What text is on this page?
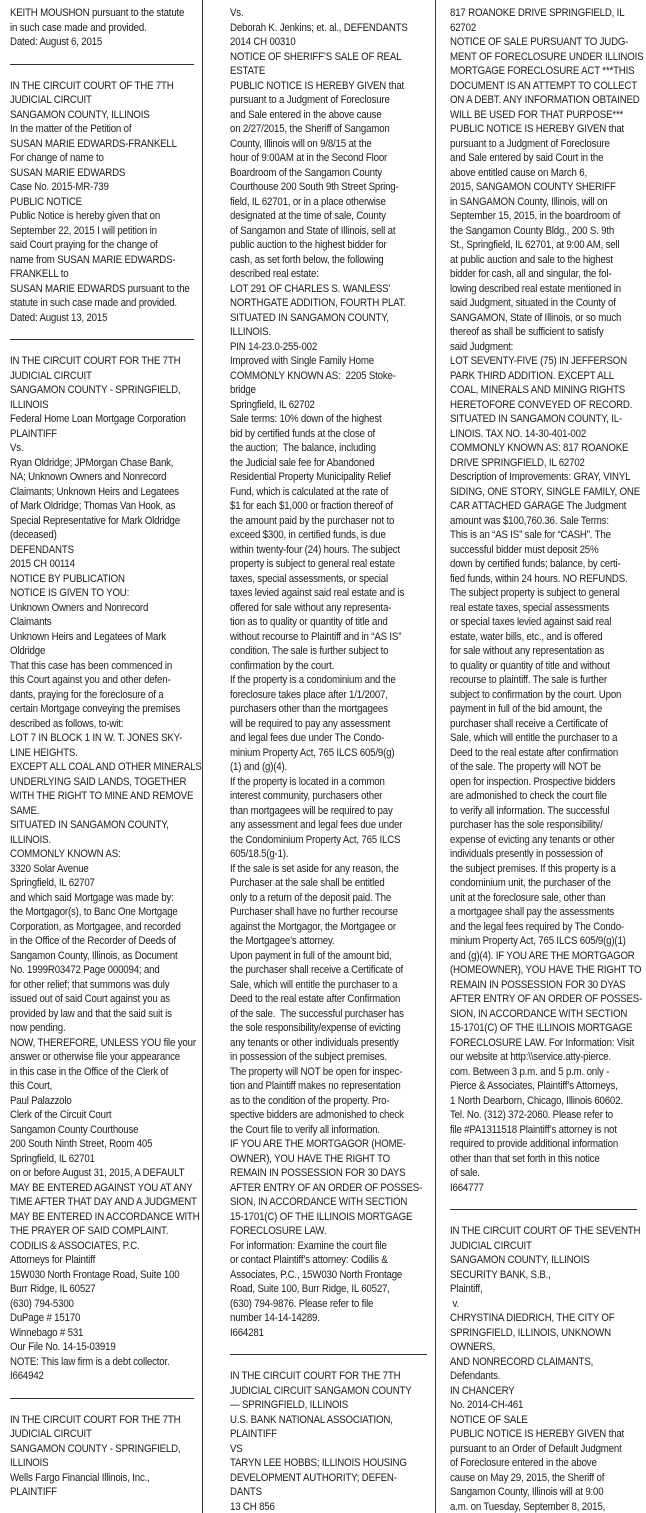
KEITH MOUSHON pursuant to the statute
in such case made and provided.
Dated: August 6, 2015
IN THE CIRCUIT COURT OF THE 7TH
JUDICIAL CIRCUIT
SANGAMON COUNTY, ILLINOIS
In the matter of the Petition of
SUSAN MARIE EDWARDS-FRANKELL
For change of name to
SUSAN MARIE EDWARDS
Case No. 2015-MR-739
PUBLIC NOTICE
Public Notice is hereby given that on
September 22, 2015 I will petition in
said Court praying for the change of
name from SUSAN MARIE EDWARDS-
FRANKELL to
SUSAN MARIE EDWARDS pursuant to the
statute in such case made and provided.
Dated: August 13, 2015
IN THE CIRCUIT COURT FOR THE 7TH
JUDICIAL CIRCUIT
SANGAMON COUNTY - SPRINGFIELD,
ILLINOIS
Federal Home Loan Mortgage Corporation
PLAINTIFF
Vs.
Ryan Oldridge; JPMorgan Chase Bank,
NA; Unknown Owners and Nonrecord
Claimants; Unknown Heirs and Legatees
of Mark Oldridge; Thomas Van Hook, as
Special Representative for Mark Oldridge
(deceased)
DEFENDANTS
2015 CH 00114
NOTICE BY PUBLICATION
NOTICE IS GIVEN TO YOU:
Unknown Owners and Nonrecord
Claimants
Unknown Heirs and Legatees of Mark
Oldridge
That this case has been commenced in
this Court against you and other defen-
dants, praying for the foreclosure of a
certain Mortgage conveying the premises
described as follows, to-wit:
LOT 7 IN BLOCK 1 IN W. T. JONES SKY-
LINE HEIGHTS.
EXCEPT ALL COAL AND OTHER MINERALS
UNDERLYING SAID LANDS, TOGETHER
WITH THE RIGHT TO MINE AND REMOVE
SAME.
SITUATED IN SANGAMON COUNTY,
ILLINOIS.
COMMONLY KNOWN AS:
3320 Solar Avenue
Springfield, IL 62707
and which said Mortgage was made by:
the Mortgagor(s), to Banc One Mortgage
Corporation, as Mortgagee, and recorded
in the Office of the Recorder of Deeds of
Sangamon County, Illinois, as Document
No. 1999R03472 Page 000094; and
for other relief; that summons was duly
issued out of said Court against you as
provided by law and that the said suit is
now pending.
NOW, THEREFORE, UNLESS YOU file your
answer or otherwise file your appearance
in this case in the Office of the Clerk of
this Court,
Paul Palazzolo
Clerk of the Circuit Court
Sangamon County Courthouse
200 South Ninth Street, Room 405
Springfield, IL 62701
on or before August 31, 2015, A DEFAULT
MAY BE ENTERED AGAINST YOU AT ANY
TIME AFTER THAT DAY AND A JUDGMENT
MAY BE ENTERED IN ACCORDANCE WITH
THE PRAYER OF SAID COMPLAINT.
CODILIS & ASSOCIATES, P.C.
Attorneys for Plaintiff
15W030 North Frontage Road, Suite 100
Burr Ridge, IL 60527
(630) 794-5300
DuPage # 15170
Winnebago # 531
Our File No. 14-15-03919
NOTE: This law firm is a debt collector.
I664942
IN THE CIRCUIT COURT FOR THE 7TH
JUDICIAL CIRCUIT
SANGAMON COUNTY - SPRINGFIELD,
ILLINOIS
Wells Fargo Financial Illinois, Inc.,
PLAINTIFF
Vs.
Deborah K. Jenkins; et. al., DEFENDANTS
2014 CH 00310
NOTICE OF SHERIFF’S SALE OF REAL
ESTATE
PUBLIC NOTICE IS HEREBY GIVEN that
pursuant to a Judgment of Foreclosure
and Sale entered in the above cause
on 2/27/2015, the Sheriff of Sangamon
County, Illinois will on 9/8/15 at the
hour of 9:00AM at in the Second Floor
Boardroom of the Sangamon County
Courthouse 200 South 9th Street Spring-
field, IL 62701, or in a place otherwise
designated at the time of sale, County
of Sangamon and State of Illinois, sell at
public auction to the highest bidder for
cash, as set forth below, the following
described real estate:
LOT 291 OF CHARLES S. WANLESS’
NORTHGATE ADDITION, FOURTH PLAT.
SITUATED IN SANGAMON COUNTY,
ILLINOIS.
PIN 14-23.0-255-002
Improved with Single Family Home
COMMONLY KNOWN AS:  2205 Stoke-
bridge
Springfield, IL 62702
Sale terms: 10% down of the highest
bid by certified funds at the close of
the auction;  The balance, including
the Judicial sale fee for Abandoned
Residential Property Municipality Relief
Fund, which is calculated at the rate of
$1 for each $1,000 or fraction thereof of
the amount paid by the purchaser not to
exceed $300, in certified funds, is due
within twenty-four (24) hours. The subject
property is subject to general real estate
taxes, special assessments, or special
taxes levied against said real estate and is
offered for sale without any representa-
tion as to quality or quantity of title and
without recourse to Plaintiff and in “AS IS”
condition. The sale is further subject to
confirmation by the court.
If the property is a condominium and the
foreclosure takes place after 1/1/2007,
purchasers other than the mortgagees
will be required to pay any assessment
and legal fees due under The Condo-
minium Property Act, 765 ILCS 605/9(g)
(1) and (g)(4).
If the property is located in a common
interest community, purchasers other
than mortgagees will be required to pay
any assessment and legal fees due under
the Condominium Property Act, 765 ILCS
605/18.5(g-1).
If the sale is set aside for any reason, the
Purchaser at the sale shall be entitled
only to a return of the deposit paid. The
Purchaser shall have no further recourse
against the Mortgagor, the Mortgagee or
the Mortgagee’s attorney.
Upon payment in full of the amount bid,
the purchaser shall receive a Certificate of
Sale, which will entitle the purchaser to a
Deed to the real estate after Confirmation
of the sale.  The successful purchaser has
the sole responsibility/expense of evicting
any tenants or other individuals presently
in possession of the subject premises.
The property will NOT be open for inspec-
tion and Plaintiff makes no representation
as to the condition of the property. Pro-
spective bidders are admonished to check
the Court file to verify all information.
IF YOU ARE THE MORTGAGOR (HOME-
OWNER), YOU HAVE THE RIGHT TO
REMAIN IN POSSESSION FOR 30 DAYS
AFTER ENTRY OF AN ORDER OF POSSES-
SION, IN ACCORDANCE WITH SECTION
15-1701(C) OF THE ILLINOIS MORTGAGE
FORECLOSURE LAW.
For information: Examine the court file
or contact Plaintiff’s attorney: Codilis &
Associates, P.C., 15W030 North Frontage
Road, Suite 100, Burr Ridge, IL 60527,
(630) 794-9876. Please refer to file
number 14-14-14289.
I664281
IN THE CIRCUIT COURT FOR THE 7TH
JUDICIAL CIRCUIT SANGAMON COUNTY
— SPRINGFIELD, ILLINOIS
U.S. BANK NATIONAL ASSOCIATION,
PLAINTIFF
VS
TARYN LEE HOBBS; ILLINOIS HOUSING
DEVELOPMENT AUTHORITY; DEFEN-
DANTS
13 CH 856
817 ROANOKE DRIVE SPRINGFIELD, IL
62702
NOTICE OF SALE PURSUANT TO JUDG-
MENT OF FORECLOSURE UNDER ILLINOIS
MORTGAGE FORECLOSURE ACT ***THIS
DOCUMENT IS AN ATTEMPT TO COLLECT
ON A DEBT. ANY INFORMATION OBTAINED
WILL BE USED FOR THAT PURPOSE***
PUBLIC NOTICE IS HEREBY GIVEN that
pursuant to a Judgment of Foreclosure
and Sale entered by said Court in the
above entitled cause on March 6,
2015, SANGAMON COUNTY SHERIFF
in SANGAMON County, Illinois, will on
September 15, 2015, in the boardroom of
the Sangamon County Bldg., 200 S. 9th
St., Springfield, IL 62701, at 9:00 AM, sell
at public auction and sale to the highest
bidder for cash, all and singular, the fol-
lowing described real estate mentioned in
said Judgment, situated in the County of
SANGAMON, State of Illinois, or so much
thereof as shall be sufficient to satisfy
said Judgment:
LOT SEVENTY-FIVE (75) IN JEFFERSON
PARK THIRD ADDITION. EXCEPT ALL
COAL, MINERALS AND MINING RIGHTS
HERETOFORE CONVEYED OF RECORD.
SITUATED IN SANGAMON COUNTY, IL-
LINOIS. TAX NO. 14-30-401-002
COMMONLY KNOWN AS: 817 ROANOKE
DRIVE SPRINGFIELD, IL 62702
Description of Improvements: GRAY, VINYL
SIDING, ONE STORY, SINGLE FAMILY, ONE
CAR ATTACHED GARAGE The Judgment
amount was $100,760.36. Sale Terms:
This is an “AS IS” sale for “CASH”. The
successful bidder must deposit 25%
down by certified funds; balance, by certi-
fied funds, within 24 hours. NO REFUNDS.
The subject property is subject to general
real estate taxes, special assessments
or special taxes levied against said real
estate, water bills, etc., and is offered
for sale without any representation as
to quality or quantity of title and without
recourse to plaintiff. The sale is further
subject to confirmation by the court. Upon
payment in full of the bid amount, the
purchaser shall receive a Certificate of
Sale, which will entitle the purchaser to a
Deed to the real estate after confirmation
of the sale. The property will NOT be
open for inspection. Prospective bidders
are admonished to check the court file
to verify all information. The successful
purchaser has the sole responsibility/
expense of evicting any tenants or other
individuals presently in possession of
the subject premises. If this property is a
condominium unit, the purchaser of the
unit at the foreclosure sale, other than
a mortgagee shall pay the assessments
and the legal fees required by The Condo-
minium Property Act, 765 ILCS 605/9(g)(1)
and (g)(4). IF YOU ARE THE MORTGAGOR
(HOMEOWNER), YOU HAVE THE RIGHT TO
REMAIN IN POSSESSION FOR 30 DYAS
AFTER ENTRY OF AN ORDER OF POSSES-
SION, IN ACCORDANCE WITH SECTION
15-1701(C) OF THE ILLINOIS MORTGAGE
FORECLOSURE LAW. For Information: Visit
our website at http:\\service.atty-pierce.
com. Between 3 p.m. and 5 p.m. only -
Pierce & Associates, Plaintiff’s Attorneys,
1 North Dearborn, Chicago, Illinois 60602.
Tel. No. (312) 372-2060. Please refer to
file #PA1311518 Plaintiff’s attorney is not
required to provide additional information
other than that set forth in this notice
of sale.
I664777
IN THE CIRCUIT COURT OF THE SEVENTH
JUDICIAL CIRCUIT
SANGAMON COUNTY, ILLINOIS
SECURITY BANK, S.B.,
Plaintiff,
v.
CHRYSTINA DIEDRICH, THE CITY OF
SPRINGFIELD, ILLINOIS, UNKNOWN
OWNERS,
AND NONRECORD CLAIMANTS,
Defendants.
IN CHANCERY
No. 2014-CH-461
NOTICE OF SALE
PUBLIC NOTICE IS HEREBY GIVEN that
pursuant to an Order of Default Judgment
of Foreclosure entered in the above
cause on May 29, 2015, the Sheriff of
Sangamon County, Illinois will at 9:00
a.m. on Tuesday, September 8, 2015,
